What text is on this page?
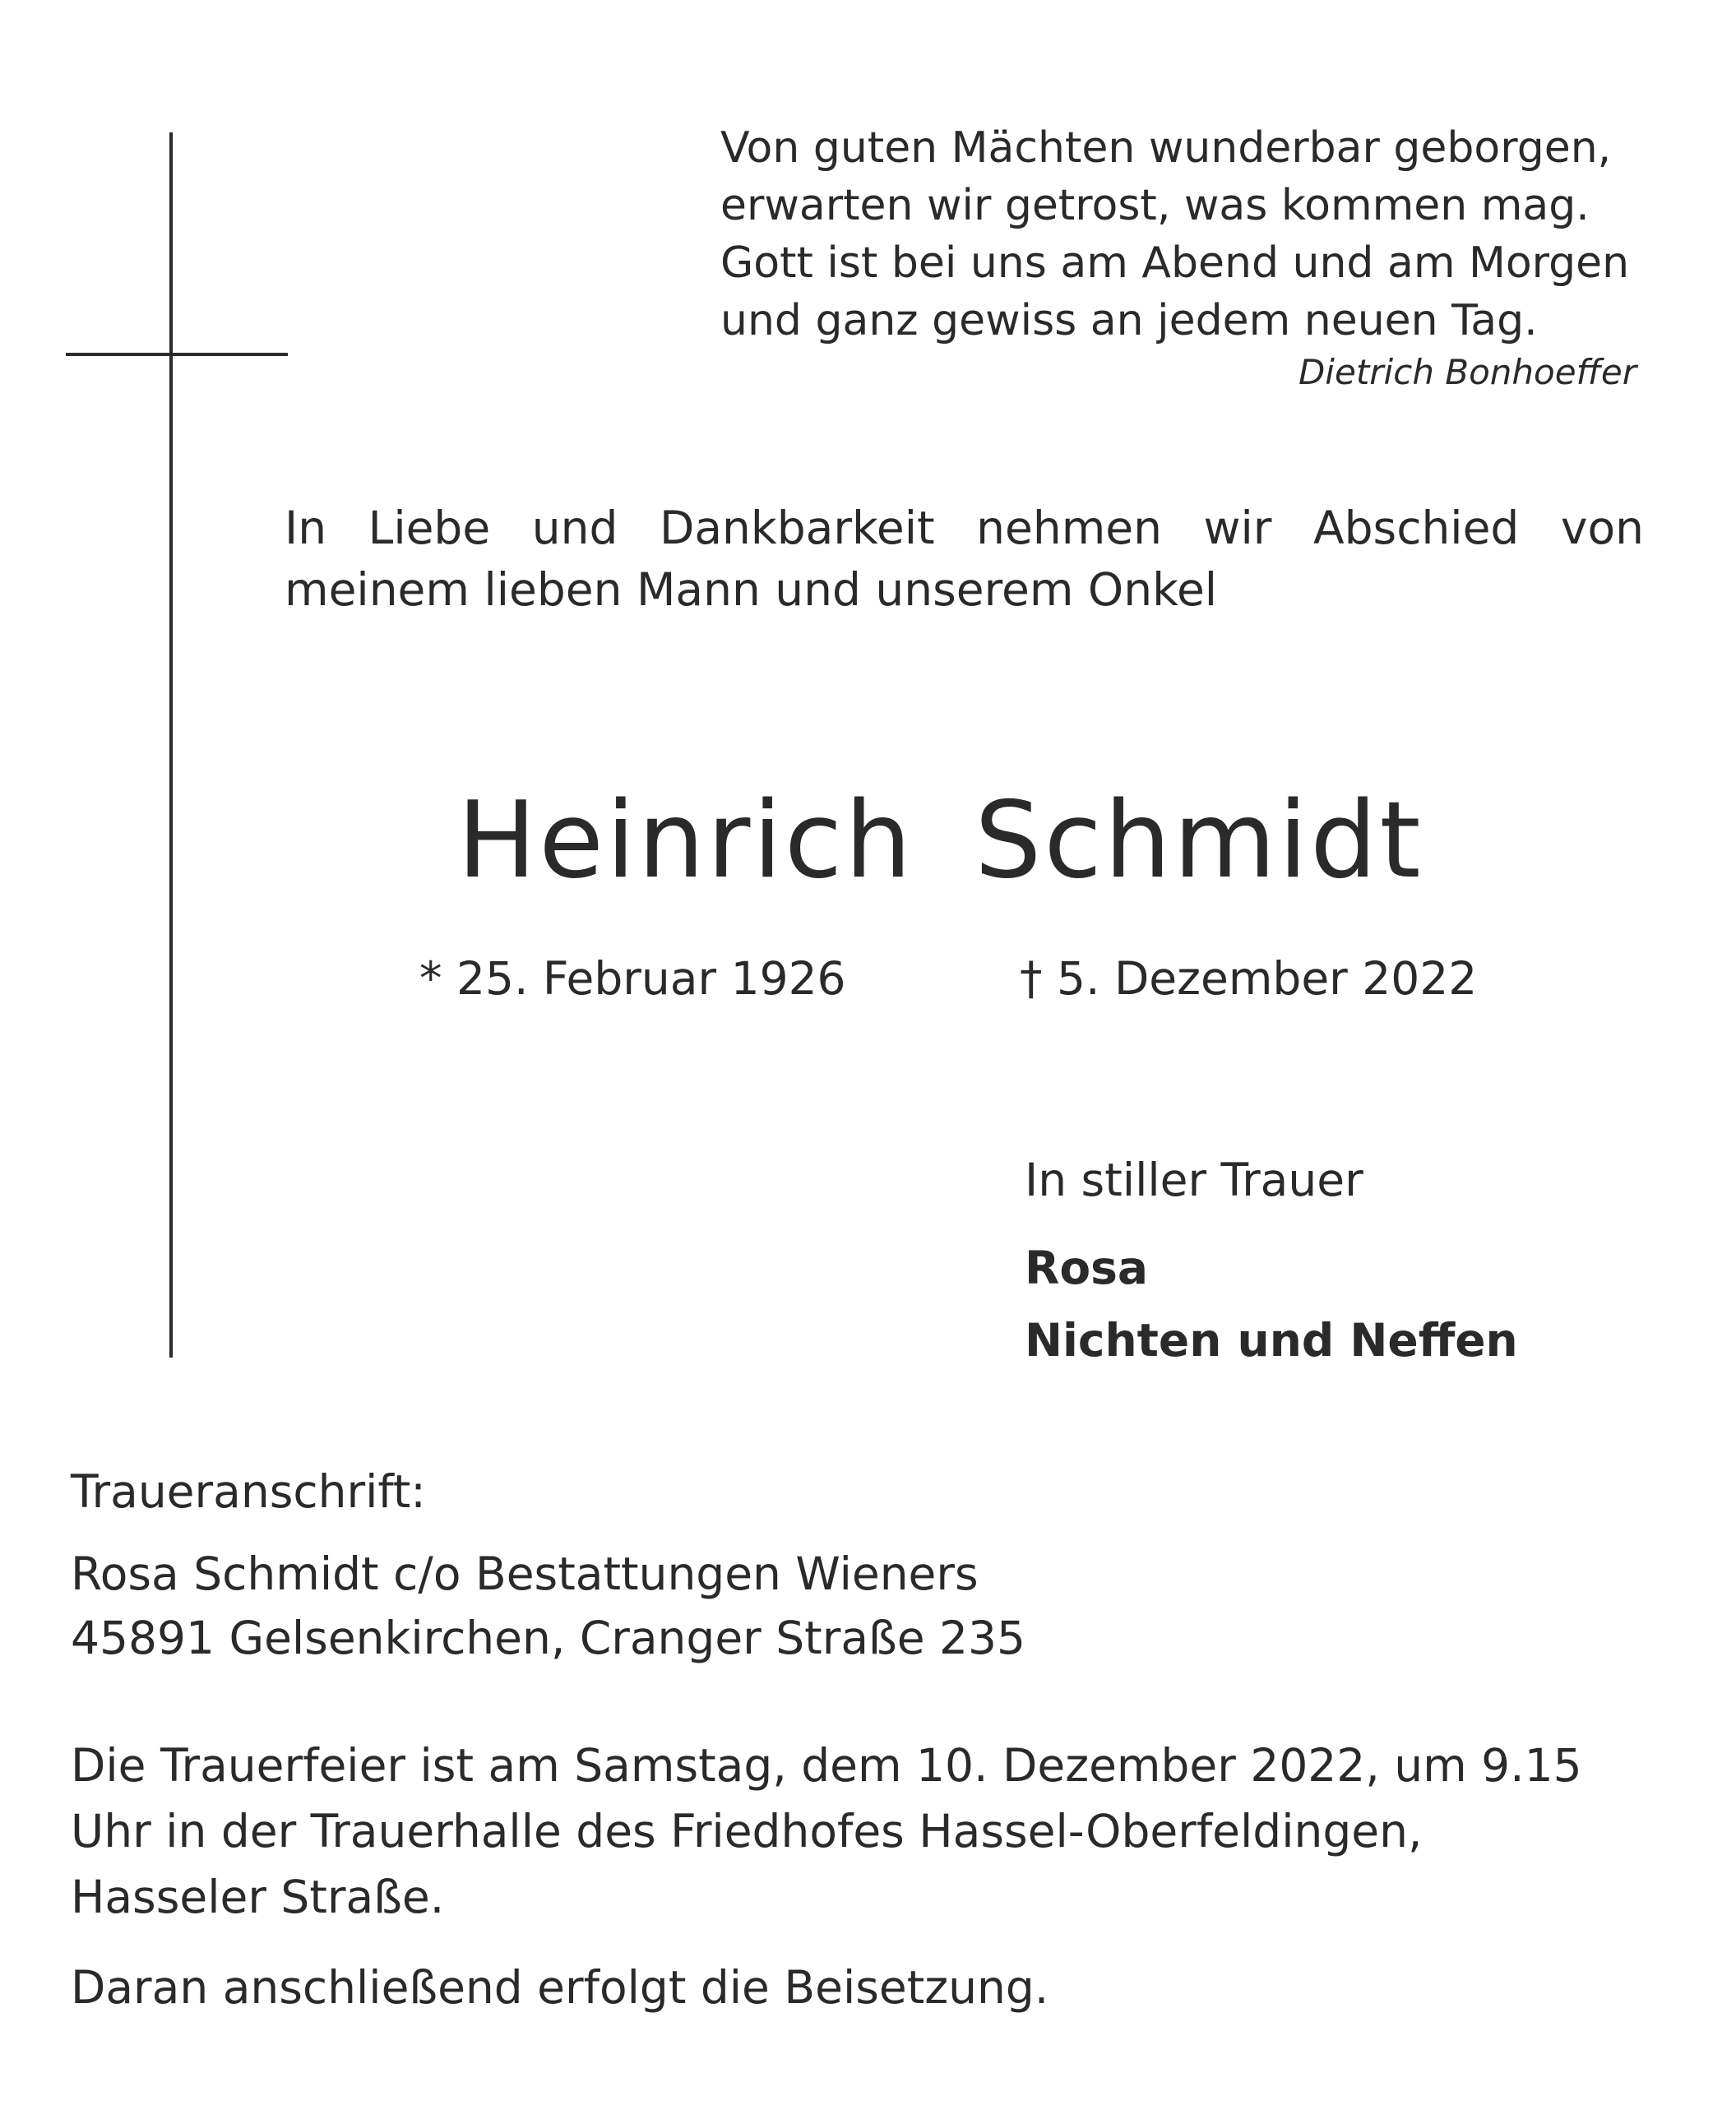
Von guten Mächten wunderbar geborgen,
erwarten wir getrost, was kommen mag.
Gott ist bei uns am Abend und am Morgen
und ganz gewiss an jedem neuen Tag.
Dietrich Bonhoeffer
In Liebe und Dankbarkeit nehmen wir Abschied von
meinem lieben Mann und unserem Onkel
Heinrich Schmidt
* 25. Februar 1926	† 5. Dezember 2022
In stiller Trauer
Rosa
Nichten und Neffen
Traueranschrift:
Rosa Schmidt c/o Bestattungen Wieners
45891 Gelsenkirchen, Cranger Straße 235
Die Trauerfeier ist am Samstag, dem 10. Dezember 2022, um 9.15
Uhr in der Trauerhalle des Friedhofes Hassel-Oberfeldingen,
Hasseler Straße.
Daran anschließend erfolgt die Beisetzung.
